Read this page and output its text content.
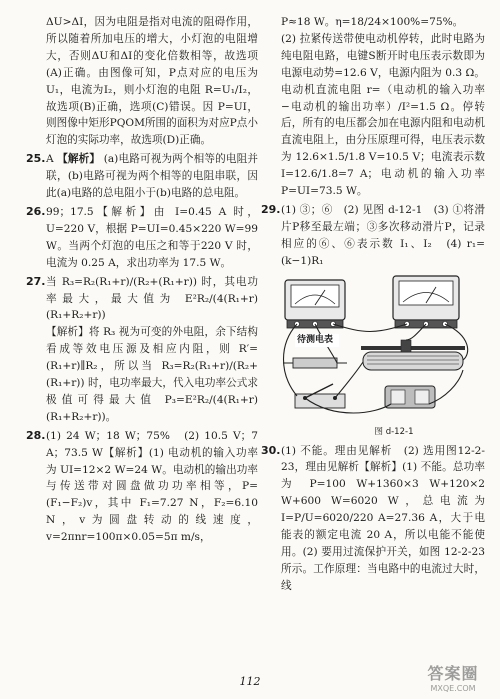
ΔU>ΔI，因为电阻是指对电流的阻碍作用，所以随着所加电压的增大，小灯泡的电阻增大，否则ΔU和ΔI的变化倍数相等，故选项(A)正确。由图像可知，P点对应的电压为U₁，电流为I₂，则小灯泡的电阻 R=U₁/I₂，故选项(B)正确，选项(C)错误。因 P=UI，则图像中矩形PQOM所围的面积为对应P点小灯泡的实际功率，故选项(D)正确。
25. A 【解析】 (a)电路可视为两个相等的电阻并联，(b)电路可视为两个相等的电阻串联，因此(a)电路的总电阻小于(b)电路的总电阻。
26. 99；17.5【解析】由 I=0.45 A 时，U=220 V，根据 P=UI=0.45×220 W=99 W。当两个灯泡的电压之和等于220 V 时，电流为 0.25 A，求出功率为 17.5 W。
27. 当 R₃=R₂(R₁+r)/(R₂+(R₁+r)) 时，其电功率最大，最大值为 E²R₂/(4(R₁+r)(R₁+R₂+r))
【解析】将 R₃ 视为可变的外电阻，余下结构看成等效电压源及相应内阻，则 R′=(R₁+r)∥R₂，所以当 R₃=R₂(R₁+r)/(R₂+(R₁+r)) 时，电功率最大，代入电功率公式求极值可得最大值 P₃=E²R₂/(4(R₁+r)(R₁+R₂+r))。
28. (1) 24 W；18 W；75%　(2) 10.5 V；7 A；73.5 W【解析】(1) 电动机的输入功率为 UI=12×2 W=24 W。电动机的输出功率与传送带对圆盘做功功率相等，P=(F₁−F₂)v，其中 F₁=7.27 N，F₂=6.10 N，v为圆盘转动的线速度，v=2πnr=100π×0.05=5π m/s，
P≈18 W。η=18/24×100%=75%。
(2) 拉紧传送带使电动机停转，此时电路为纯电阻电路，电键S断开时电压表示数即为电源电动势=12.6 V，电源内阻为 0.3 Ω。电动机直流电阻 r=（电动机的输入功率−电动机的输出功率）/I²=1.5 Ω。停转后，所有的电压都会加在电源内阻和电动机直流电阻上，由分压原理可得，电压表示数为 12.6×1.5/1.8 V=10.5 V；电流表示数 I=12.6/1.8=7 A；电动机的输入功率 P=UI=73.5 W。
29. (1) ③；⑥　(2) 见图 d-12-1　(3) ①将滑片P移至最左端；③多次移动滑片P，记录相应的⑥、⑥表示数 I₁、I₂　(4) r₁=(k−1)R₁
待测电表
图 d-12-1
30. (1) 不能。理由见解析　(2) 选用图12-2-23，理由见解析【解析】(1) 不能。总功率为 P=100 W+1360×3 W+120×2 W+600 W=6020 W，总电流为 I=P/U=6020/220 A=27.36 A，大于电能表的额定电流 20 A，所以电能不能使用。(2) 要用过流保护开关，如图 12-2-23 所示。工作原理：当电路中的电流过大时，线
112	答案圈
MXQE.COM
